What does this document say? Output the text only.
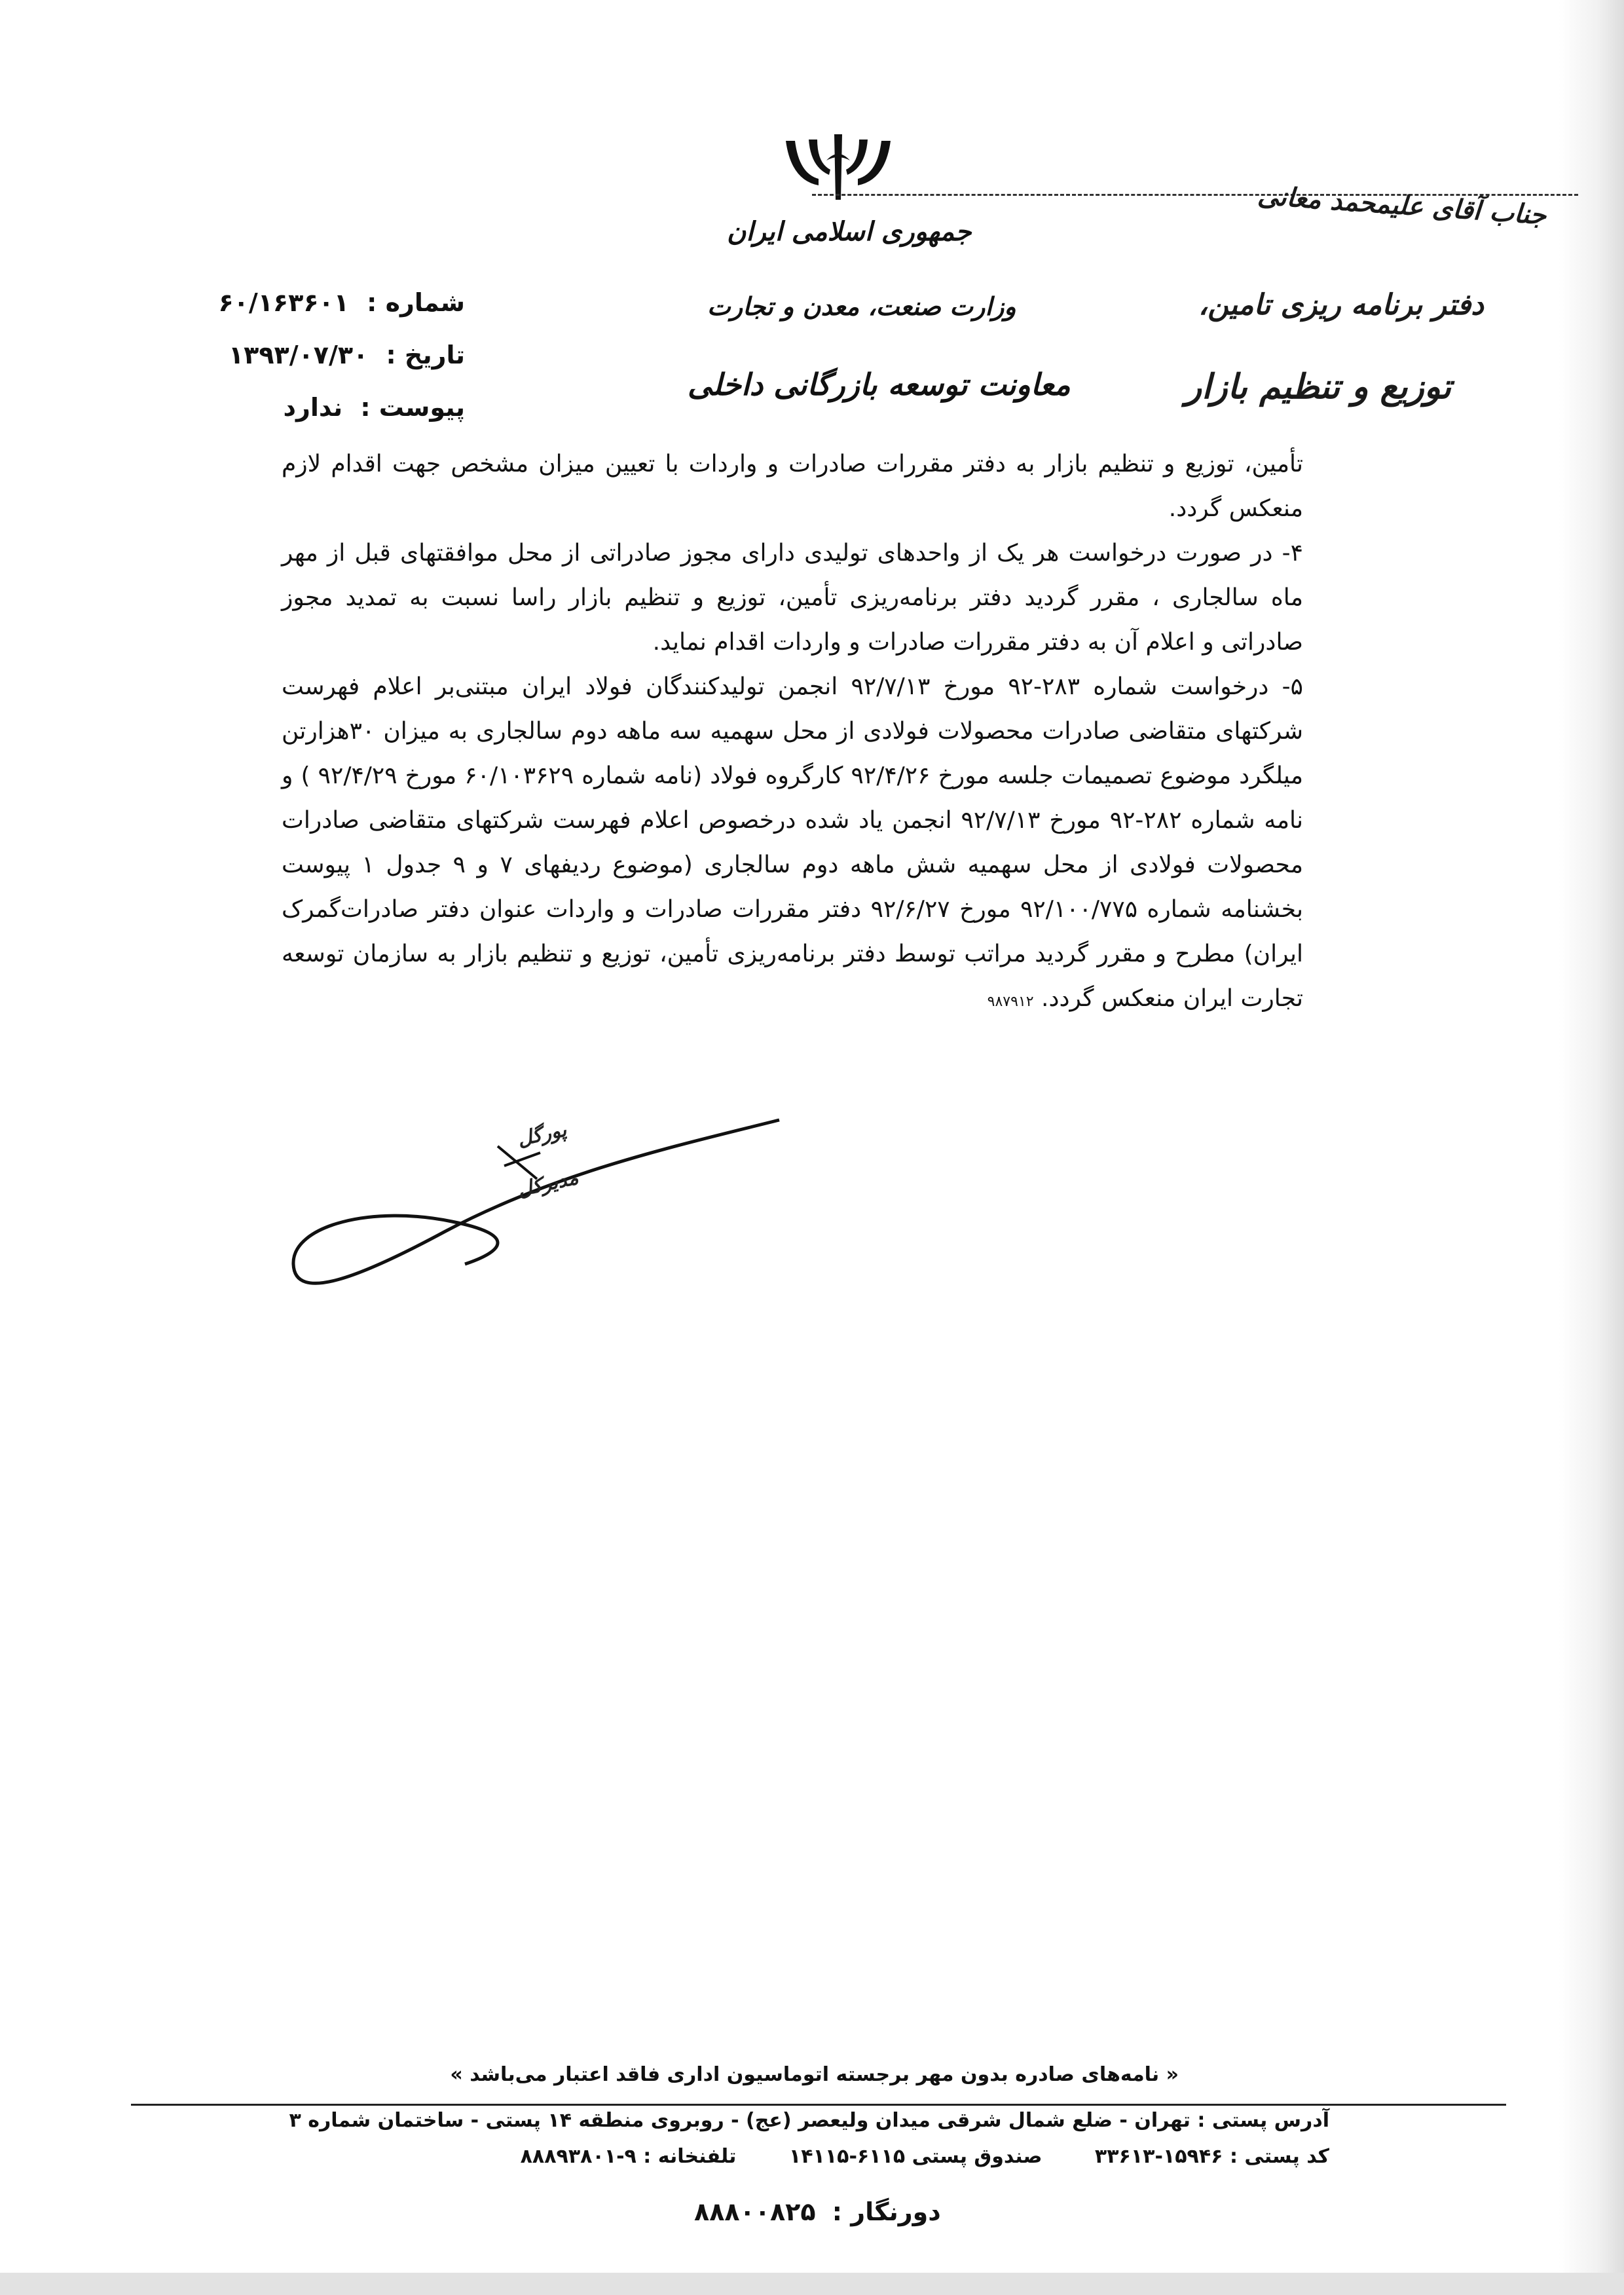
جمهوری اسلامی ایران
وزارت صنعت، معدن و تجارت
معاونت توسعه بازرگانی داخلی
شماره : ۶۰/۱۶۳۶۰۱
تاریخ : ۱۳۹۳/۰۷/۳۰
پیوست : ندارد
جناب آقای علیمحمد معانی
دفتر برنامه ریزی تامین،
توزیع و تنظیم بازار

تأمین، توزیع و تنظیم بازار به دفتر مقررات صادرات و واردات با تعیین میزان مشخص جهت اقدام لازم منعکس گردد.

۴- در صورت درخواست هر یک از واحدهای تولیدی دارای مجوز صادراتی از محل موافقتهای قبل از مهر ماه سالجاری ، مقرر گردید دفتر برنامه‌ریزی تأمین، توزیع و تنظیم بازار راسا نسبت به تمدید مجوز صادراتی و اعلام آن به دفتر مقررات صادرات و واردات اقدام نماید.

۵- درخواست شماره ۲۸۳-۹۲ مورخ ۹۲/۷/۱۳ انجمن تولیدکنندگان فولاد ایران مبتنی‌بر اعلام فهرست شرکتهای متقاضی صادرات محصولات فولادی از محل سهمیه سه ماهه دوم سالجاری به میزان ۳۰هزارتن میلگرد موضوع تصمیمات جلسه مورخ ۹۲/۴/۲۶ کارگروه فولاد (نامه شماره ۶۰/۱۰۳۶۲۹ مورخ ۹۲/۴/۲۹ ) و نامه شماره ۲۸۲-۹۲ مورخ ۹۲/۷/۱۳ انجمن یاد شده درخصوص اعلام فهرست شرکتهای متقاضی صادرات محصولات فولادی از محل سهمیه شش ماهه دوم سالجاری (موضوع ردیفهای ۷ و ۹ جدول ۱ پیوست بخشنامه شماره ۹۲/۱۰۰/۷۷۵ مورخ ۹۲/۶/۲۷ دفتر مقررات صادرات و واردات عنوان دفتر صادرات‌گمرک ایران) مطرح و مقرر گردید مراتب توسط دفتر برنامه‌ریزی تأمین، توزیع و تنظیم بازار به سازمان توسعه تجارت ایران منعکس گردد. ۹۸۷۹۱۲

پورگل
مدیرکل
« نامه‌های صادره بدون مهر برجسته اتوماسیون اداری فاقد اعتبار می‌باشد »
آدرس پستی : تهران - ضلع شمال شرقی میدان ولیعصر (عج) - روبروی منطقه ۱۴ پستی - ساختمان شماره ۳
کد پستی : ۱۵۹۴۶-۳۳۶۱۳ صندوق پستی ۶۱۱۵-۱۴۱۱۵ تلفنخانه : ۹-۸۸۸۹۳۸۰۱
دورنگار : ۸۸۸۰۰۸۲۵
